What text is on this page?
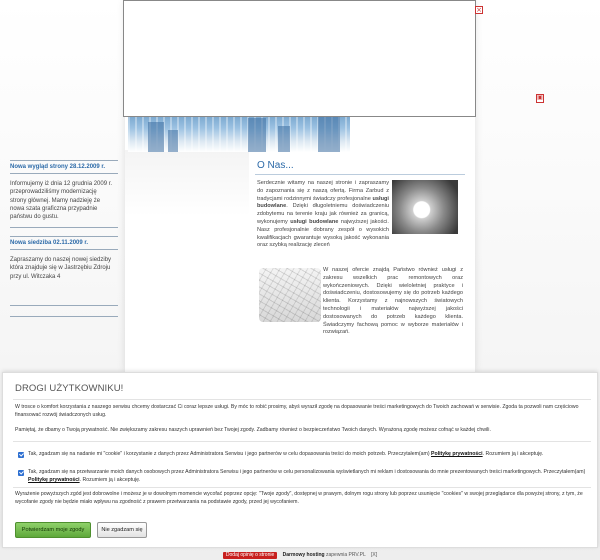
Nowa wygląd strony 28.12.2009 r.
Informujemy iż dnia 12 grudnia 2009 r. przeprowadziliśmy modernizację strony głównej. Mamy nadzieję że nowa szata graficzna przypadnie państwu do gustu.
Nowa siedziba 02.11.2009 r.
Zapraszamy do naszej nowej siedziby która znajduje się w Jastrzębiu Zdroju przy ul. Witczaka 4
O Nas...
Serdecznie witamy na naszej stronie i zapraszamy do zapoznania się z naszą ofertą. Firma Zarbud z tradycjami rodzinnymi świadczy profesjonalne usługi budowlane. Dzięki długoletniemu doświadczeniu zdobytemu na terenie kraju jak również za granicą, wykonujemy usługi budowlane najwyższej jakości. Nasz profesjonalnie dobrany zespół o wysokich kwalifikacjach gwarantuje wysoką jakość wykonania oraz szybką realizację zleceń
W naszej ofercie znajdą Państwo również usługi z zakresu wszelkich prac remontowych oraz wykończeniowych. Dzięki wieloletniej praktyce i doświadczeniu, dostosowujemy się do potrzeb każdego klienta. Korzystamy z najnowszych światowych technologii i materiałów najwyższej jakości dostosowanych do potrzeb każdego klienta. Świadczymy fachową pomoc w wyborze materiałów i rozwiązań.
×
▣
DROGI UŻYTKOWNIKU!
W trosce o komfort korzystania z naszego serwisu chcemy dostarczać Ci coraz lepsze usługi. By móc to robić prosimy, abyś wyraził zgodę na dopasowanie treści marketingowych do Twoich zachowań w serwisie. Zgoda ta pozwoli nam częściowo finansować rozwój świadczonych usług.
Pamiętaj, że dbamy o Twoją prywatność. Nie zwiększamy zakresu naszych uprawnień bez Twojej zgody. Zadbamy również o bezpieczeństwo Twoich danych. Wyrażoną zgodę możesz cofnąć w każdej chwili.
Tak, zgadzam się na nadanie mi "cookie" i korzystanie z danych przez Administratora Serwisu i jego partnerów w celu dopasowania treści do moich potrzeb. Przeczytałem(am) Politykę prywatności. Rozumiem ją i akceptuję.
Tak, zgadzam się na przetwarzanie moich danych osobowych przez Administratora Serwisu i jego partnerów w celu personalizowania wyświetlanych mi reklam i dostosowania do mnie prezentowanych treści marketingowych. Przeczytałem(am) Politykę prywatności. Rozumiem ją i akceptuję.
Wyrażenie powyższych zgód jest dobrowolne i możesz je w dowolnym momencie wycofać poprzez opcję: "Twoje zgody", dostępnej w prawym, dolnym rogu strony lub poprzez usunięcie "cookies" w swojej przeglądarce dla powyżej strony, z tym, że wycofanie zgody nie będzie miało wpływu na zgodność z prawem przetwarzania na podstawie zgody, przed jej wycofaniem.
Potwierdzam moje zgody	Nie zgadzam się
Dodaj opinię o stronie Darmowy hosting zapewnia PRV.PL [X]
